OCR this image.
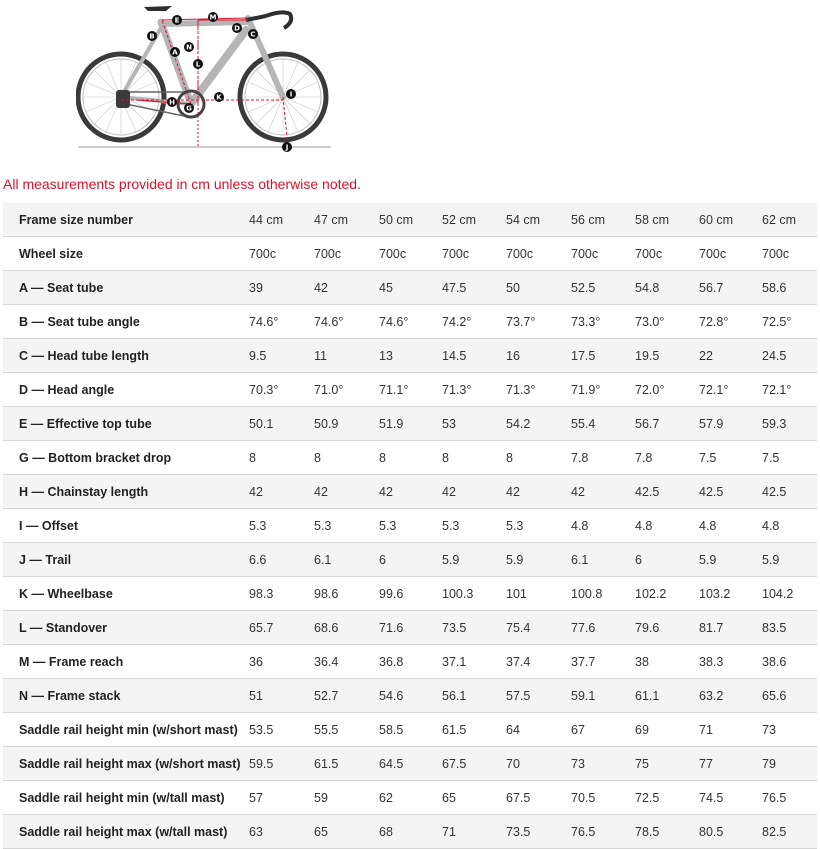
M
E
B
D
C
A
N
L
K	I
H
G
J
All measurements provided in cm unless otherwise noted.
Frame size number	44 cm	47 cm	50 cm	52 cm	54 cm	56 cm	58 cm	60 cm	62 cm
Wheel size	700c	700c	700c	700c	700c	700c	700c	700c	700c
A — Seat tube	39	42	45	47.5	50	52.5	54.8	56.7	58.6
B — Seat tube angle	74.6°	74.6°	74.6°	74.2°	73.7°	73.3°	73.0°	72.8°	72.5°
C — Head tube length	9.5	11	13	14.5	16	17.5	19.5	22	24.5
D — Head angle	70.3°	71.0°	71.1°	71.3°	71.3°	71.9°	72.0°	72.1°	72.1°
E — Effective top tube	50.1	50.9	51.9	53	54.2	55.4	56.7	57.9	59.3
G — Bottom bracket drop	8	8	8	8	8	7.8	7.8	7.5	7.5
H — Chainstay length	42	42	42	42	42	42	42.5	42.5	42.5
I — Offset	5.3	5.3	5.3	5.3	5.3	4.8	4.8	4.8	4.8
J — Trail	6.6	6.1	6	5.9	5.9	6.1	6	5.9	5.9
K — Wheelbase	98.3	98.6	99.6	100.3	101	100.8	102.2	103.2	104.2
L — Standover	65.7	68.6	71.6	73.5	75.4	77.6	79.6	81.7	83.5
M — Frame reach	36	36.4	36.8	37.1	37.4	37.7	38	38.3	38.6
N — Frame stack	51	52.7	54.6	56.1	57.5	59.1	61.1	63.2	65.6
Saddle rail height min (w/short mast)	53.5	55.5	58.5	61.5	64	67	69	71	73
Saddle rail height max (w/short mast)	59.5	61.5	64.5	67.5	70	73	75	77	79
Saddle rail height min (w/tall mast)	57	59	62	65	67.5	70.5	72.5	74.5	76.5
Saddle rail height max (w/tall mast)	63	65	68	71	73.5	76.5	78.5	80.5	82.5
